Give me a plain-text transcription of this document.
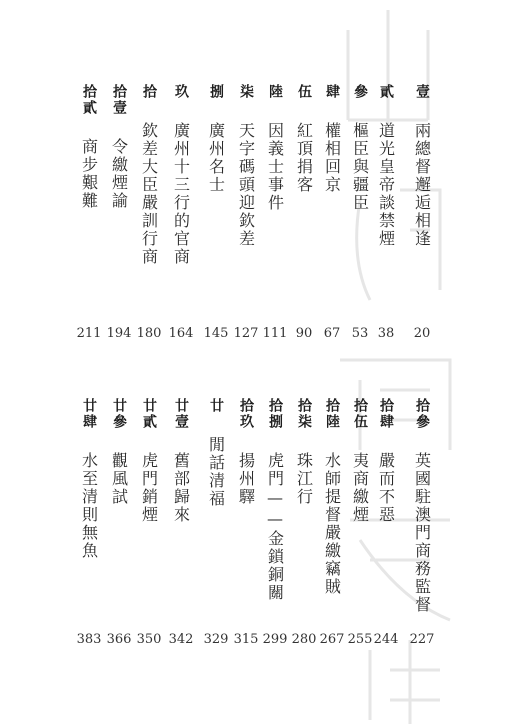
壹
兩總督邂逅相逢
20
貳
道光皇帝談禁煙
38
參
樞臣與疆臣
53
肆
權相回京
67
伍
紅頂捐客
90
陸
因義士事件
111
柒
天字碼頭迎欽差
127
捌
廣州名士
145
玖
廣州十三行的官商
164
拾
欽差大臣嚴訓行商
180
拾壹
令繳煙諭
194
拾貳
商步艱難
211
拾參
英國駐澳門商務監督
227
拾肆
嚴而不惡
244
拾伍
夷商繳煙
255
拾陸
水師提督嚴繳竊賊
267
拾柒
珠江行
280
拾捌
虎門——金鎖銅關
299
拾玖
揚州驛
315
廿
閒話清福
329
廿壹
舊部歸來
342
廿貳
虎門銷煙
350
廿參
觀風試
366
廿肆
水至清則無魚
383
